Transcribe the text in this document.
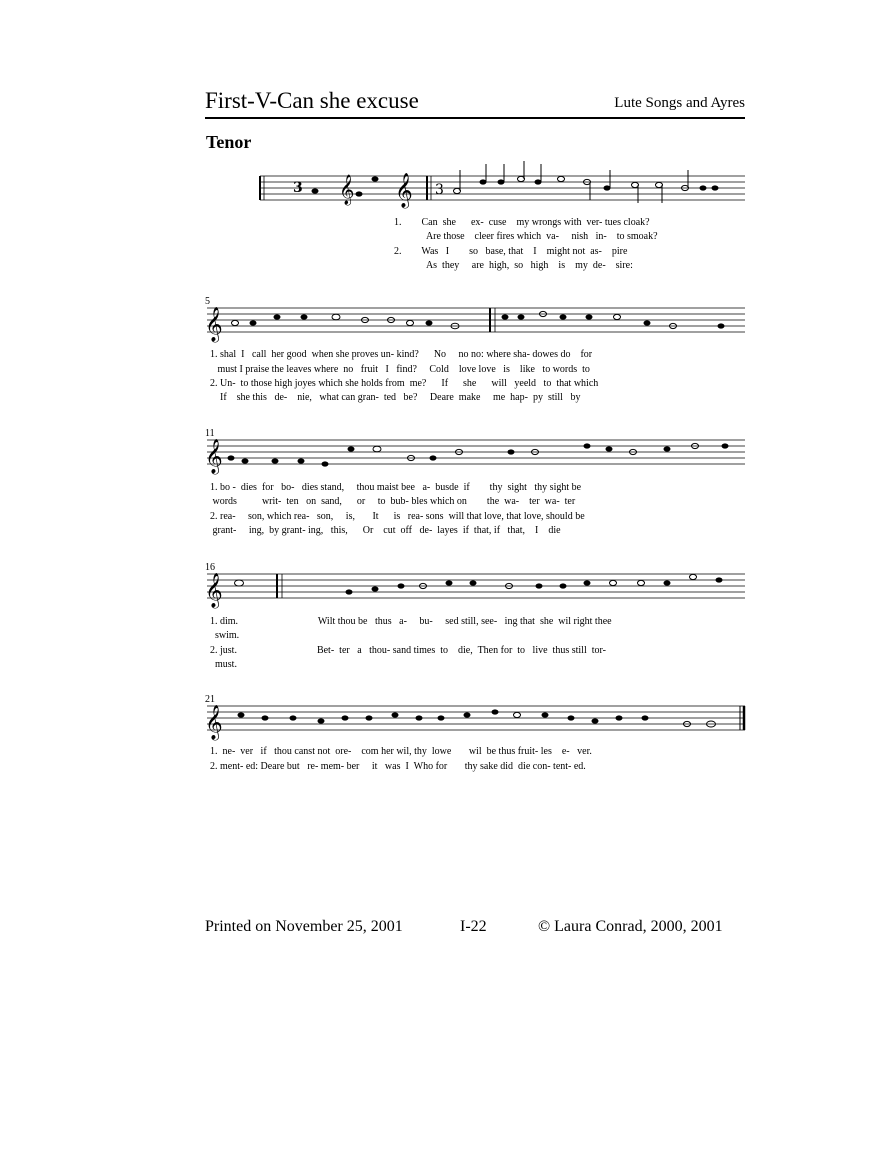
First-V-Can she excuse	Lute Songs and Ayres
Tenor
3 𝄞 𝄞 3
1.        Can  she      ex-  cuse    my wrongs with  ver- tues cloak?
Are those    cleer fires which  va-     nish   in-    to smoak?
2.        Was   I        so   base, that    I    might not  as-    pire
As  they     are  high,  so   high    is    my  de-    sire:
5
𝄞
1. shal  I   call  her good  when she proves un- kind?      No     no no: where sha- dowes do    for
must I praise the leaves where  no   fruit   I   find?     Cold    love love   is    like   to words  to
2. Un-  to those high joyes which she holds from  me?      If      she      will   yeeld   to  that which
If    she this   de-    nie,   what can gran-  ted   be?     Deare  make     me  hap-  py  still   by
11
𝄞
1. bo -  dies  for   bo-   dies stand,     thou maist bee   a-  busde  if        thy  sight   thy sight be
words          writ-  ten   on  sand,      or     to  bub- bles which on        the  wa-    ter  wa-  ter
2. rea-     son, which rea-   son,     is,       It      is   rea- sons  will that love, that love, should be
grant-     ing,  by grant- ing,   this,      Or    cut  off   de-  layes  if  that, if   that,    I    die
16
𝄞
1. dim.                                Wilt thou be   thus   a-     bu-     sed still, see-   ing that  she  wil right thee
swim.
2. just.                                Bet-  ter   a   thou- sand times  to    die,  Then for  to   live  thus still  tor-
must.
21
𝄞
1.  ne-  ver   if   thou canst not  ore-    com her wil, thy  lowe       wil  be thus fruit- les    e-   ver.
2. ment- ed: Deare but   re- mem- ber     it   was  I  Who for       thy sake did  die con- tent- ed.
Printed on November 25, 2001	I-22	© Laura Conrad, 2000, 2001
